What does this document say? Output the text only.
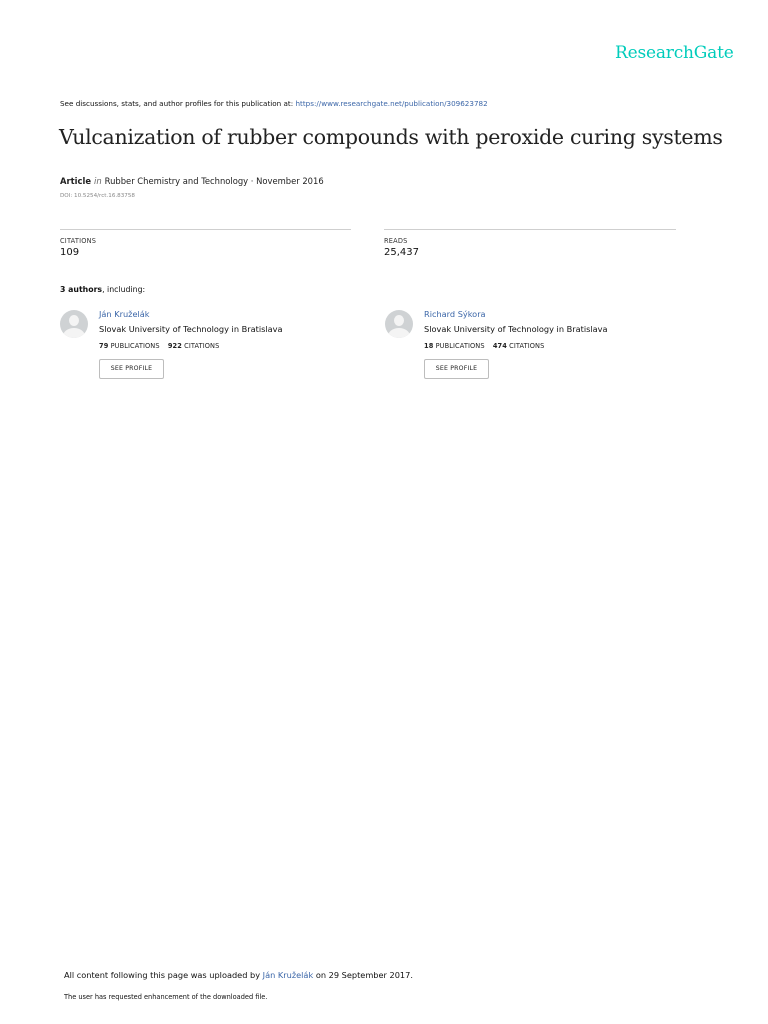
ResearchGate
See discussions, stats, and author profiles for this publication at: https://www.researchgate.net/publication/309623782
Vulcanization of rubber compounds with peroxide curing systems
Article in Rubber Chemistry and Technology · November 2016
DOI: 10.5254/rct.16.83758
CITATIONS
109
READS
25,437
3 authors, including:
Ján Kruželák
Slovak University of Technology in Bratislava
79 PUBLICATIONS 922 CITATIONS
SEE PROFILE
Richard Sýkora
Slovak University of Technology in Bratislava
18 PUBLICATIONS 474 CITATIONS
SEE PROFILE
All content following this page was uploaded by Ján Kruželák on 29 September 2017.
The user has requested enhancement of the downloaded file.
